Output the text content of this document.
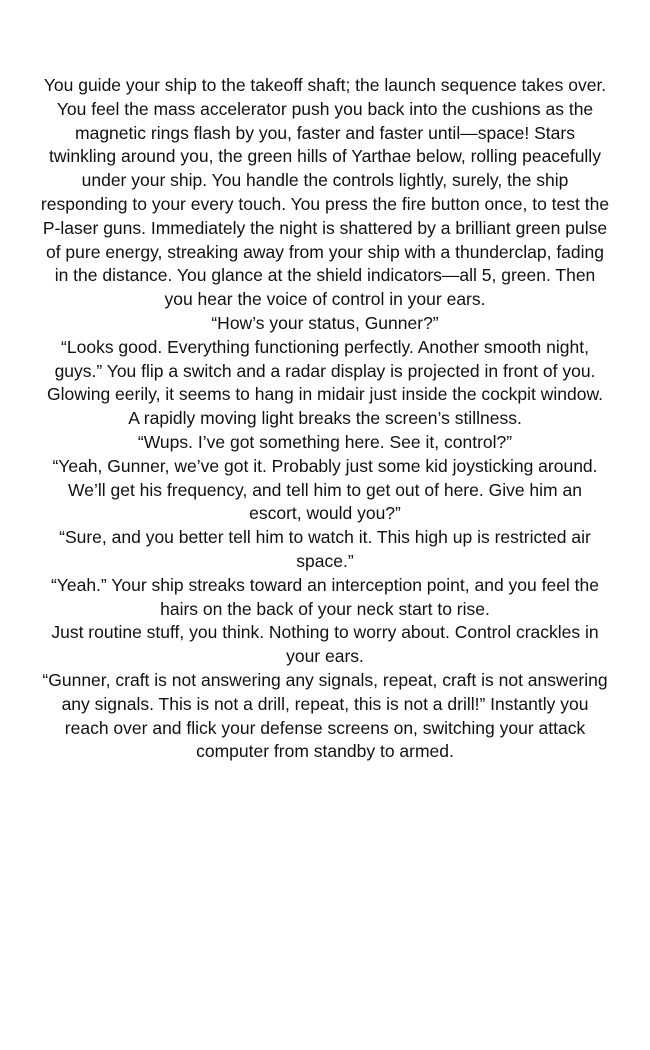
You guide your ship to the takeoff shaft; the launch sequence takes over. You feel the mass accelerator push you back into the cushions as the magnetic rings flash by you, faster and faster until—space! Stars twinkling around you, the green hills of Yarthae below, rolling peacefully under your ship. You handle the controls lightly, surely, the ship responding to your every touch. You press the fire button once, to test the P-laser guns. Immediately the night is shattered by a brilliant green pulse of pure energy, streaking away from your ship with a thunderclap, fading in the distance. You glance at the shield indicators—all 5, green. Then you hear the voice of control in your ears.

“How’s your status, Gunner?”

“Looks good. Everything functioning perfectly. Another smooth night, guys.” You flip a switch and a radar display is projected in front of you. Glowing eerily, it seems to hang in midair just inside the cockpit window. A rapidly moving light breaks the screen’s stillness.

“Wups. I’ve got something here. See it, control?”

“Yeah, Gunner, we’ve got it. Probably just some kid joysticking around. We’ll get his frequency, and tell him to get out of here. Give him an escort, would you?”

“Sure, and you better tell him to watch it. This high up is restricted air space.”

“Yeah.” Your ship streaks toward an interception point, and you feel the hairs on the back of your neck start to rise.

Just routine stuff, you think. Nothing to worry about. Control crackles in your ears.

“Gunner, craft is not answering any signals, repeat, craft is not answering any signals. This is not a drill, repeat, this is not a drill!” Instantly you reach over and flick your defense screens on, switching your attack computer from standby to armed.
